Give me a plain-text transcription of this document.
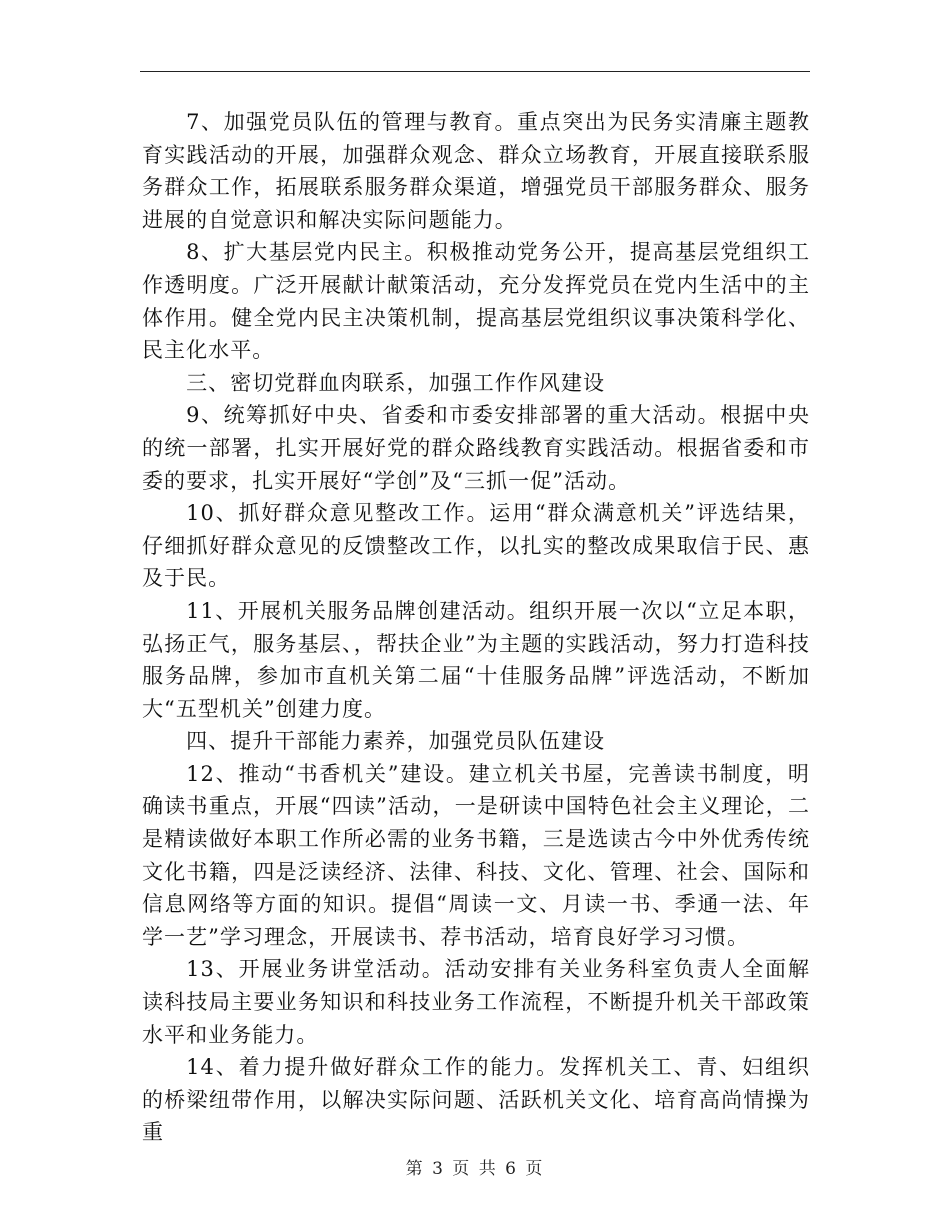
7、加强党员队伍的管理与教育。重点突出为民务实清廉主题教育实践活动的开展，加强群众观念、群众立场教育，开展直接联系服务群众工作，拓展联系服务群众渠道，增强党员干部服务群众、服务进展的自觉意识和解决实际问题能力。

8、扩大基层党内民主。积极推动党务公开，提高基层党组织工作透明度。广泛开展献计献策活动，充分发挥党员在党内生活中的主体作用。健全党内民主决策机制，提高基层党组织议事决策科学化、民主化水平。

三、密切党群血肉联系，加强工作作风建设

9、统筹抓好中央、省委和市委安排部署的重大活动。根据中央的统一部署，扎实开展好党的群众路线教育实践活动。根据省委和市委的要求，扎实开展好“学创”及“三抓一促”活动。

10、抓好群众意见整改工作。运用“群众满意机关”评选结果，仔细抓好群众意见的反馈整改工作，以扎实的整改成果取信于民、惠及于民。

11、开展机关服务品牌创建活动。组织开展一次以“立足本职，弘扬正气，服务基层、，帮扶企业”为主题的实践活动，努力打造科技服务品牌，参加市直机关第二届“十佳服务品牌”评选活动，不断加大“五型机关”创建力度。

四、提升干部能力素养，加强党员队伍建设

12、推动“书香机关”建设。建立机关书屋，完善读书制度，明确读书重点，开展“四读”活动，一是研读中国特色社会主义理论，二是精读做好本职工作所必需的业务书籍，三是选读古今中外优秀传统文化书籍，四是泛读经济、法律、科技、文化、管理、社会、国际和信息网络等方面的知识。提倡“周读一文、月读一书、季通一法、年学一艺”学习理念，开展读书、荐书活动，培育良好学习习惯。

13、开展业务讲堂活动。活动安排有关业务科室负责人全面解读科技局主要业务知识和科技业务工作流程，不断提升机关干部政策水平和业务能力。

14、着力提升做好群众工作的能力。发挥机关工、青、妇组织的桥梁纽带作用，以解决实际问题、活跃机关文化、培育高尚情操为重

第 3 页 共 6 页
